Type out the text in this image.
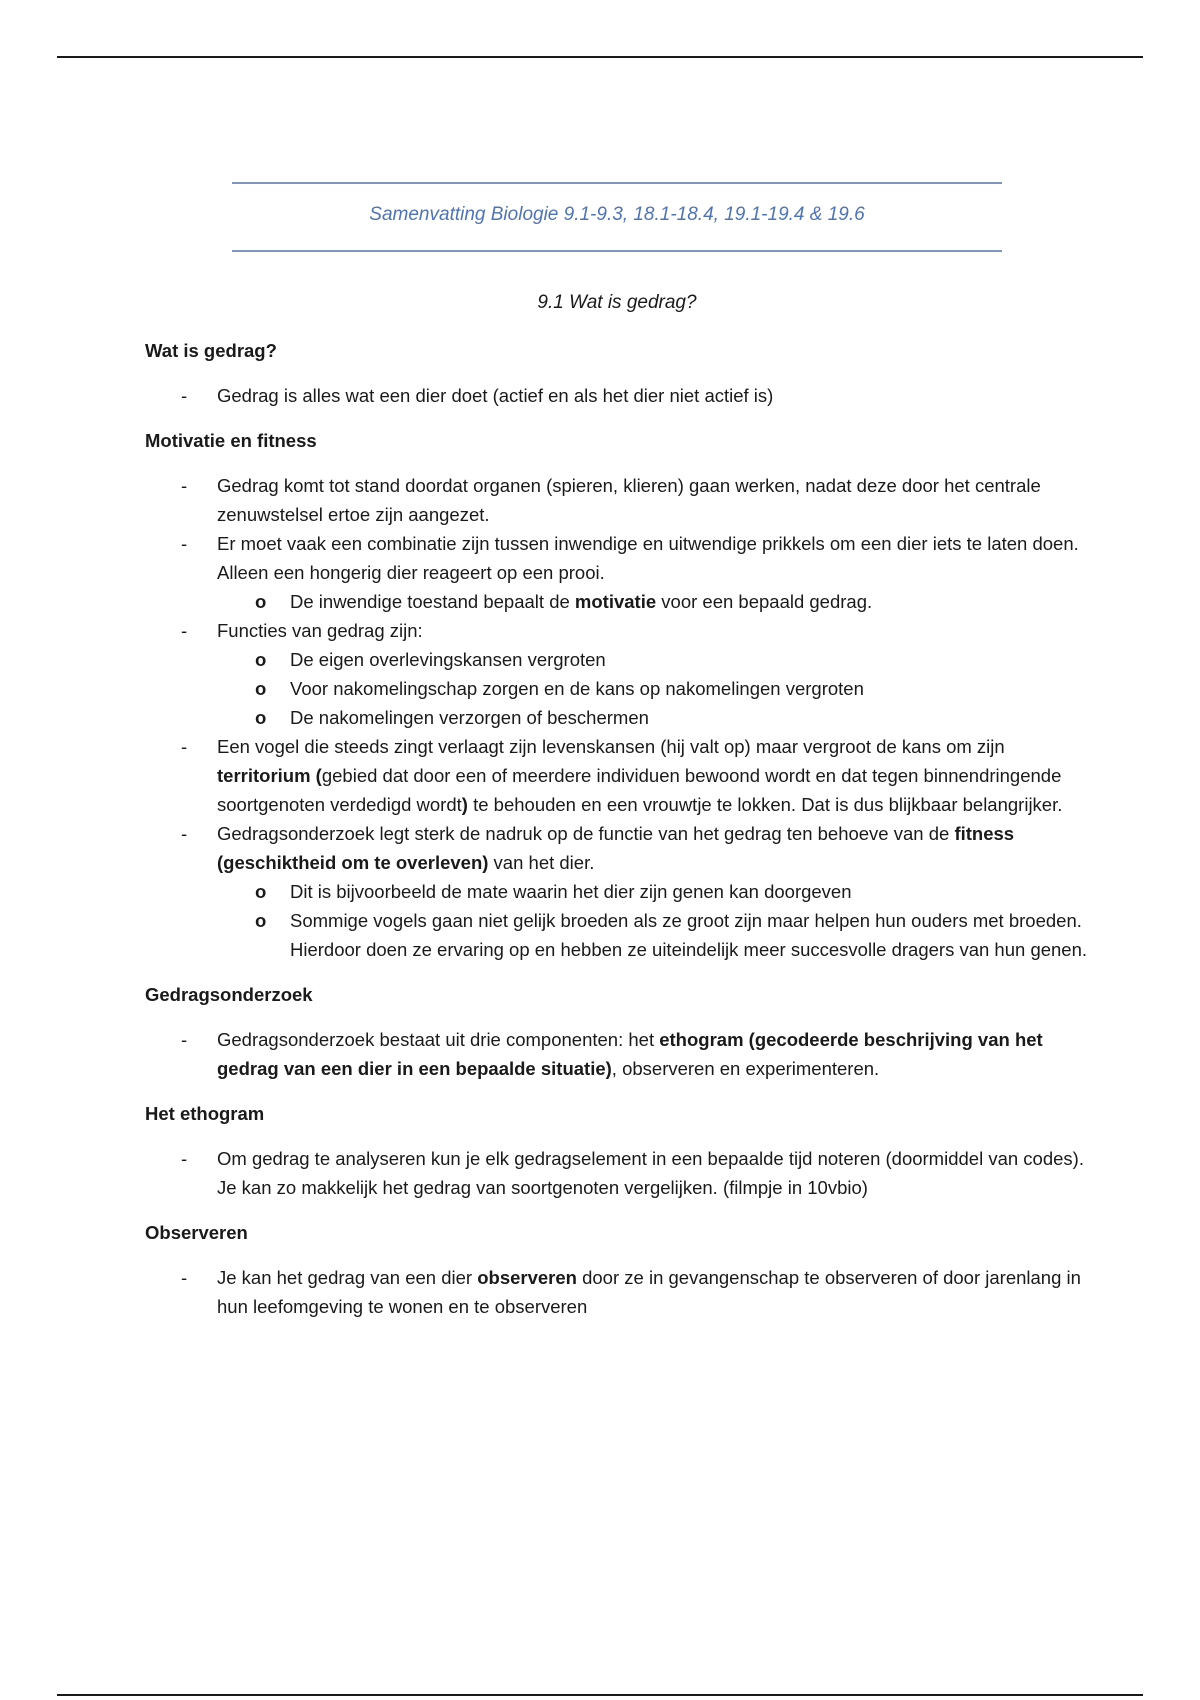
Samenvatting Biologie 9.1-9.3, 18.1-18.4, 19.1-19.4 & 19.6
9.1 Wat is gedrag?
Wat is gedrag?

- Gedrag is alles wat een dier doet (actief en als het dier niet actief is)

Motivatie en fitness

- Gedrag komt tot stand doordat organen (spieren, klieren) gaan werken, nadat deze door het centrale zenuwstelsel ertoe zijn aangezet.

- Er moet vaak een combinatie zijn tussen inwendige en uitwendige prikkels om een dier iets te laten doen. Alleen een hongerig dier reageert op een prooi.

o De inwendige toestand bepaalt de motivatie voor een bepaald gedrag.

- Functies van gedrag zijn:

o De eigen overlevingskansen vergroten

o Voor nakomelingschap zorgen en de kans op nakomelingen vergroten

o De nakomelingen verzorgen of beschermen

- Een vogel die steeds zingt verlaagt zijn levenskansen (hij valt op) maar vergroot de kans om zijn territorium (gebied dat door een of meerdere individuen bewoond wordt en dat tegen binnendringende soortgenoten verdedigd wordt) te behouden en een vrouwtje te lokken. Dat is dus blijkbaar belangrijker.

- Gedragsonderzoek legt sterk de nadruk op de functie van het gedrag ten behoeve van de fitness (geschiktheid om te overleven) van het dier.

o Dit is bijvoorbeeld de mate waarin het dier zijn genen kan doorgeven

o Sommige vogels gaan niet gelijk broeden als ze groot zijn maar helpen hun ouders met broeden. Hierdoor doen ze ervaring op en hebben ze uiteindelijk meer succesvolle dragers van hun genen.

Gedragsonderzoek

- Gedragsonderzoek bestaat uit drie componenten: het ethogram (gecodeerde beschrijving van het gedrag van een dier in een bepaalde situatie), observeren en experimenteren.

Het ethogram

- Om gedrag te analyseren kun je elk gedragselement in een bepaalde tijd noteren (doormiddel van codes). Je kan zo makkelijk het gedrag van soortgenoten vergelijken. (filmpje in 10vbio)

Observeren

- Je kan het gedrag van een dier observeren door ze in gevangenschap te observeren of door jarenlang in hun leefomgeving te wonen en te observeren
